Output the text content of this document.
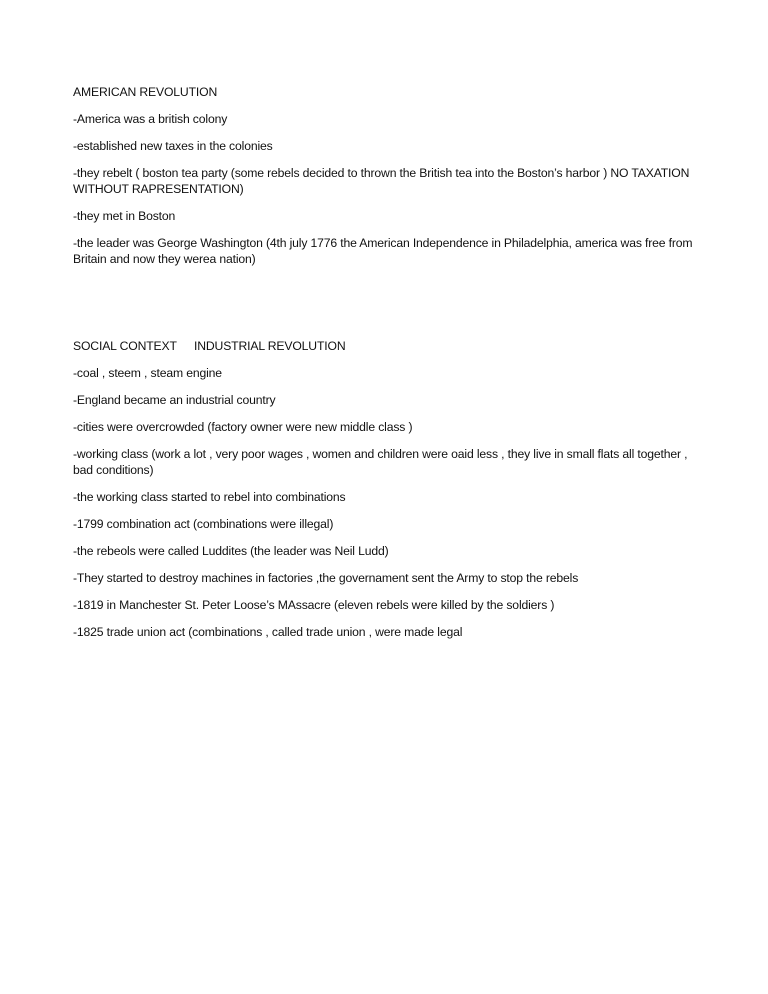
AMERICAN REVOLUTION

-America was a british colony

-established new taxes in the colonies

-they rebelt ( boston tea party (some rebels decided to thrown the British tea into the Boston’s harbor ) NO TAXATION WITHOUT RAPRESENTATION)

-they met in Boston

-the leader was George Washington (4th july 1776 the American Independence in Philadelphia, america was free from Britain and now they werea nation)

SOCIAL CONTEXT	INDUSTRIAL REVOLUTION

-coal , steem , steam engine

-England became an industrial country

-cities were overcrowded (factory owner were new middle class )

-working class (work a lot , very poor wages , women and children were oaid less , they live in small flats all together , bad conditions)

-the working class started to rebel into combinations

-1799 combination act (combinations were illegal)

-the rebeols were called Luddites (the leader was Neil Ludd)

-They started to destroy machines in factories ,the governament sent the Army to stop the rebels

-1819 in Manchester St. Peter Loose’s MAssacre (eleven rebels were killed by the soldiers )

-1825 trade union act (combinations , called trade union , were made legal
